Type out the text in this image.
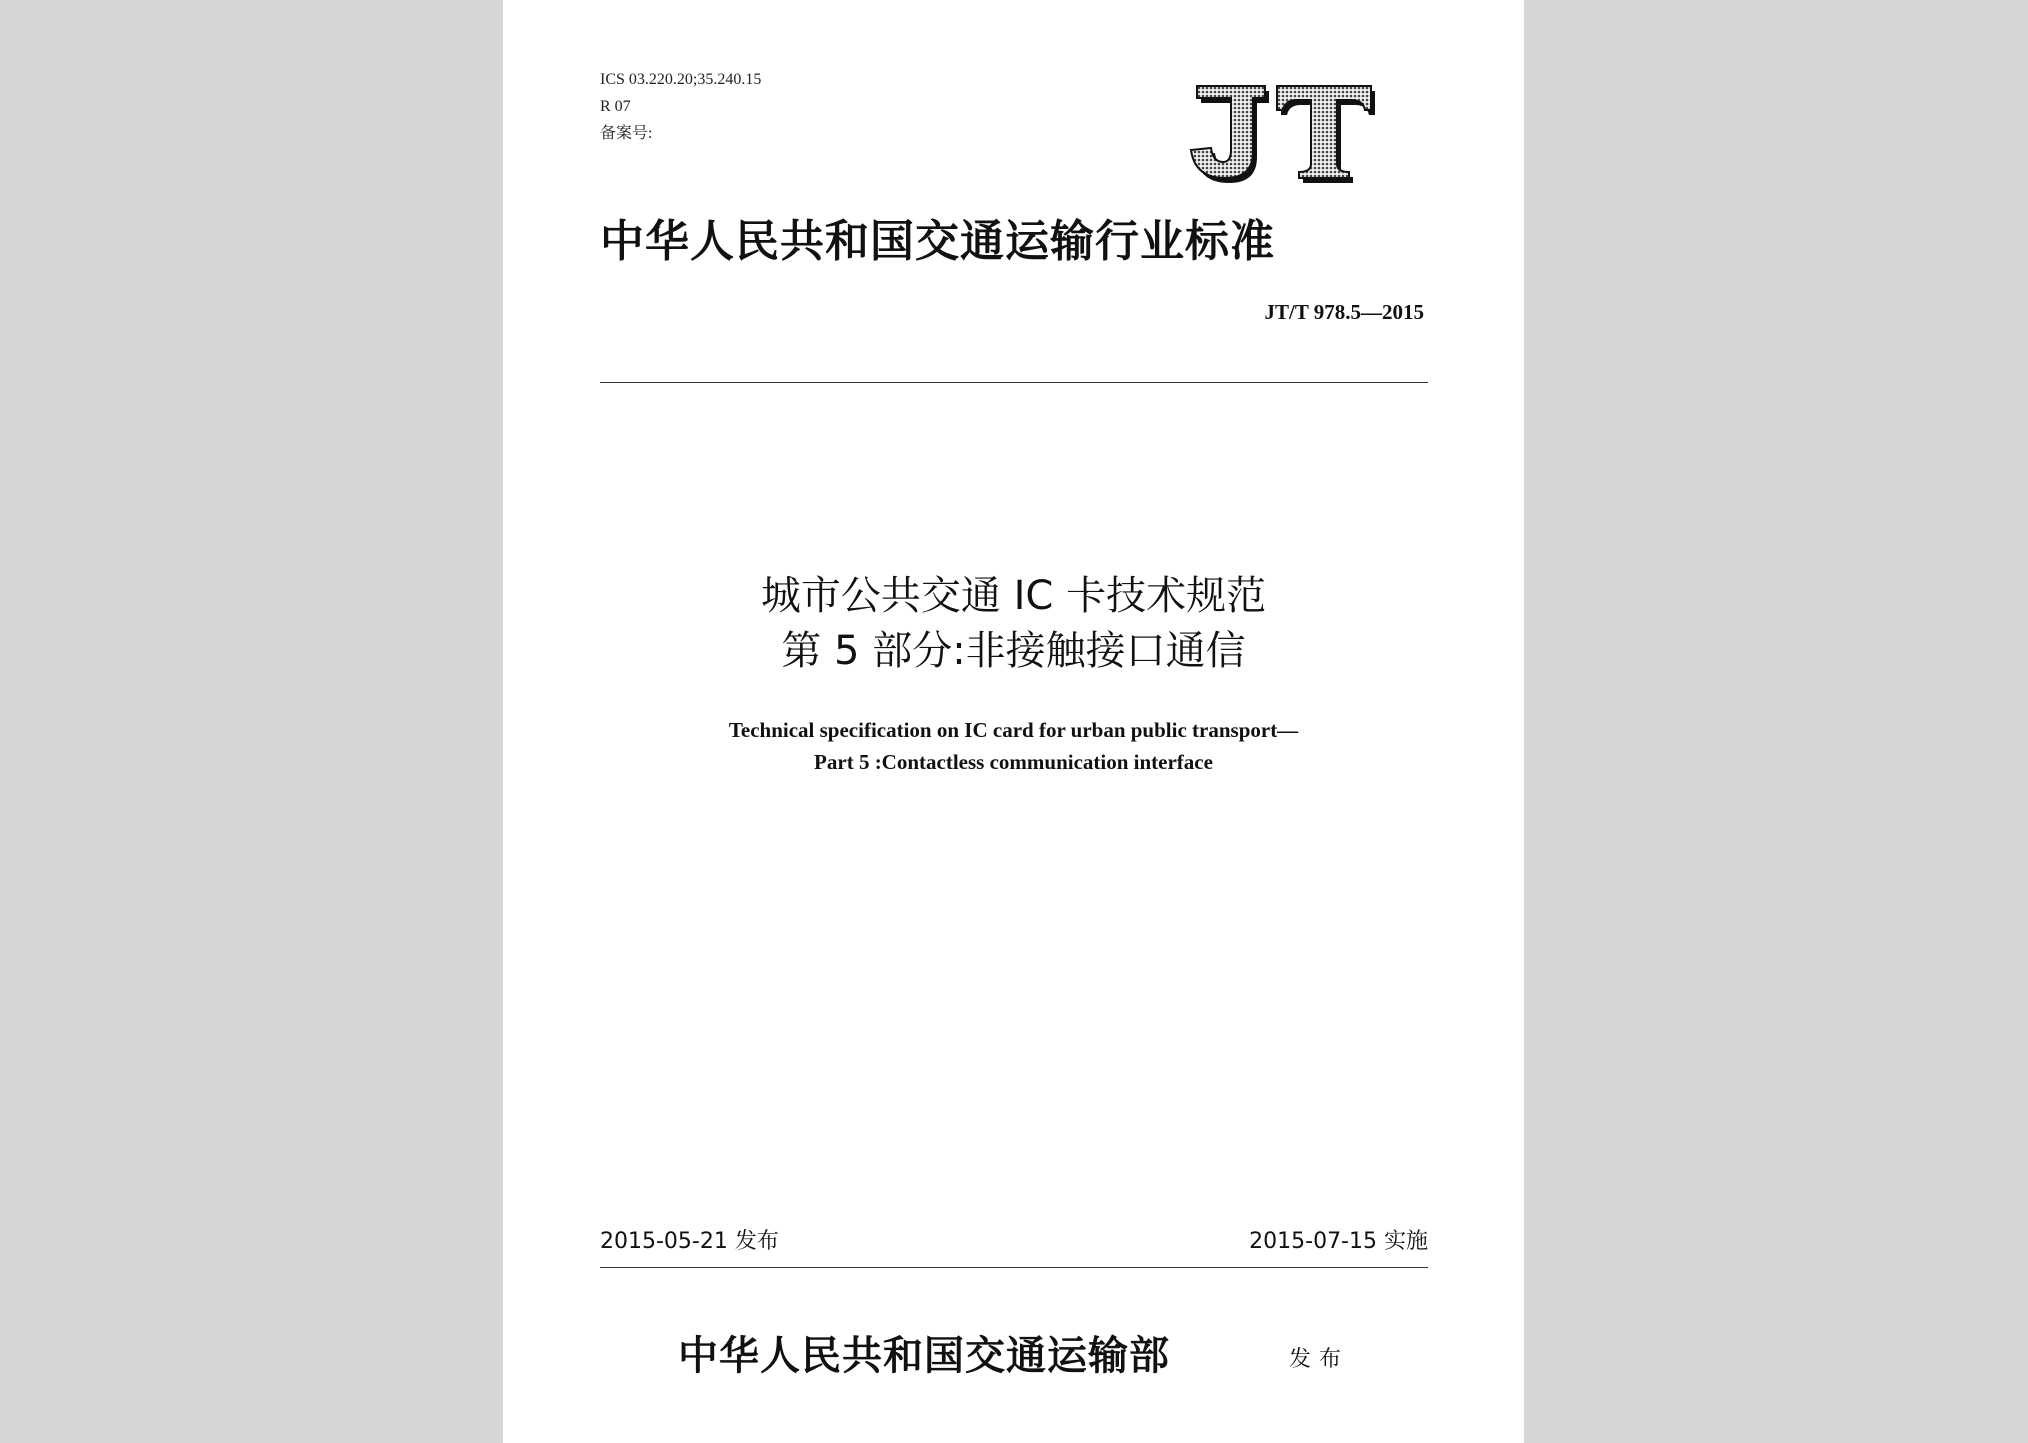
ICS 03.220.20;35.240.15
R 07
备案号:
中华人民共和国交通运输行业标准
JT/T 978.5—2015
城市公共交通 IC 卡技术规范
第 5 部分:非接触接口通信
Technical specification on IC card for urban public transport—
Part 5 :Contactless communication interface
2015-05-21 发布	2015-07-15 实施
中华人民共和国交通运输部	发布
